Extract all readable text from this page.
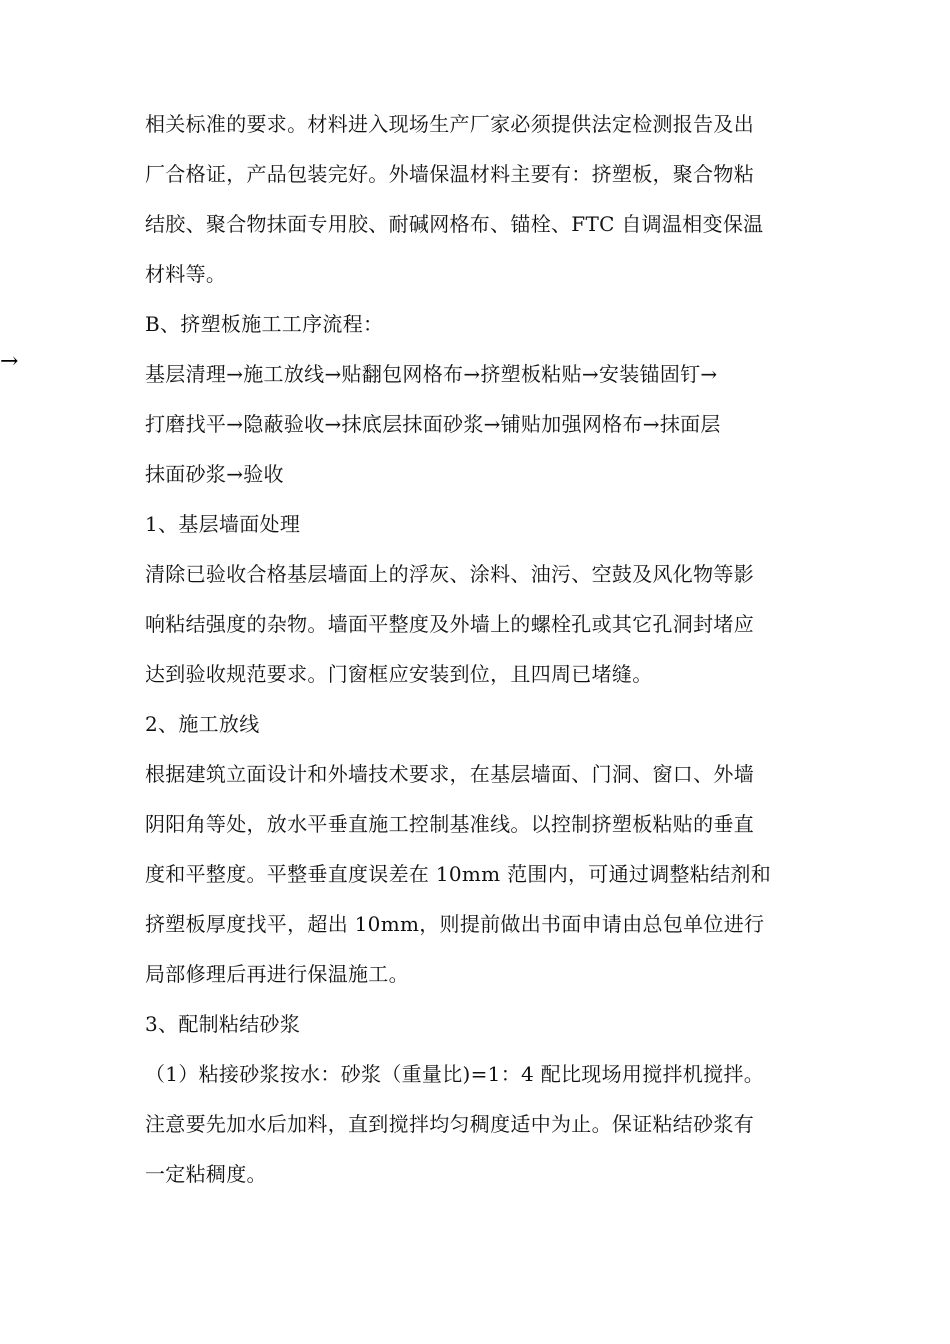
→
相关标准的要求。材料进入现场生产厂家必须提供法定检测报告及出
厂合格证，产品包装完好。外墙保温材料主要有：挤塑板，聚合物粘
结胶、聚合物抹面专用胶、耐碱网格布、锚栓、FTC 自调温相变保温
材料等。
B、挤塑板施工工序流程：
基层清理→施工放线→贴翻包网格布→挤塑板粘贴→安装锚固钉→
打磨找平→隐蔽验收→抹底层抹面砂浆→铺贴加强网格布→抹面层
抹面砂浆→验收
1、基层墙面处理
清除已验收合格基层墙面上的浮灰、涂料、油污、空鼓及风化物等影
响粘结强度的杂物。墙面平整度及外墙上的螺栓孔或其它孔洞封堵应
达到验收规范要求。门窗框应安装到位，且四周已堵缝。
2、施工放线
根据建筑立面设计和外墙技术要求，在基层墙面、门洞、窗口、外墙
阴阳角等处，放水平垂直施工控制基准线。以控制挤塑板粘贴的垂直
度和平整度。平整垂直度误差在 10mm 范围内，可通过调整粘结剂和
挤塑板厚度找平，超出 10mm，则提前做出书面申请由总包单位进行
局部修理后再进行保温施工。
3、配制粘结砂浆
（1）粘接砂浆按水：砂浆（重量比)=1：4 配比现场用搅拌机搅拌。
注意要先加水后加料，直到搅拌均匀稠度适中为止。保证粘结砂浆有
一定粘稠度。
